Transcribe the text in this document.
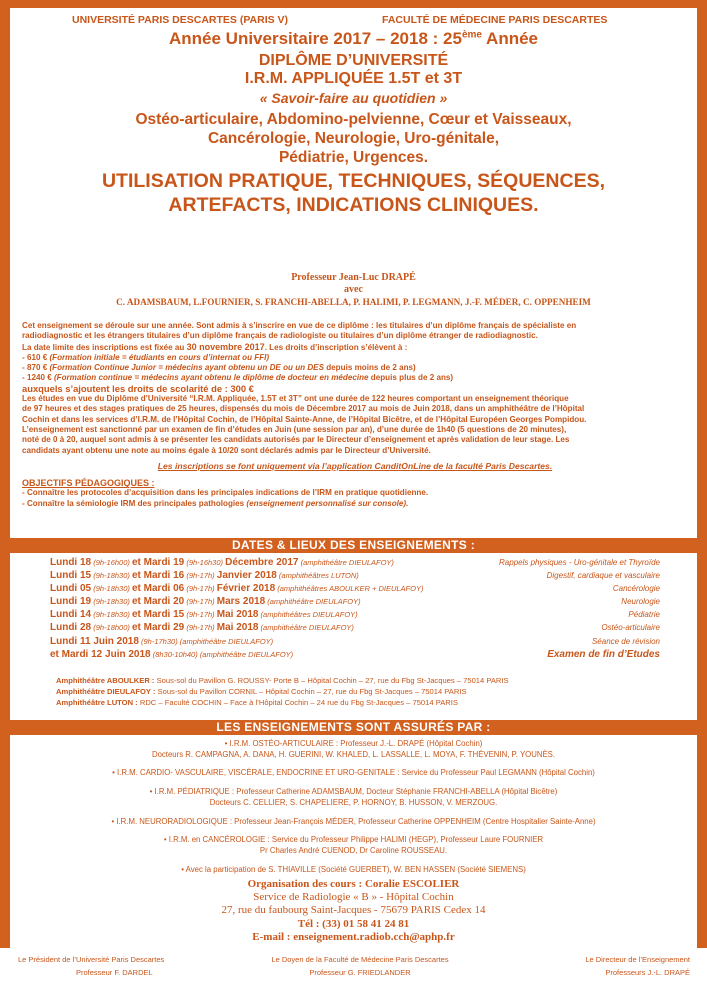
UNIVERSITÉ PARIS DESCARTES (PARIS V)	FACULTÉ DE MÉDECINE PARIS DESCARTES
Année Universitaire 2017 – 2018 : 25ème Année
DIPLÔME D’UNIVERSITÉ
I.R.M. APPLIQUÉE 1.5T et 3T
« Savoir-faire au quotidien »
Ostéo-articulaire, Abdomino-pelvienne, Cœur et Vaisseaux,
Cancérologie, Neurologie, Uro-génitale,
Pédiatrie, Urgences.
UTILISATION PRATIQUE, TECHNIQUES, SÉQUENCES,
ARTEFACTS, INDICATIONS CLINIQUES.
Professeur Jean-Luc DRAPÉ
avec
C. ADAMSBAUM, L.FOURNIER, S. FRANCHI-ABELLA, P. HALIMI, P. LEGMANN, J.-F. MÉDER, C. OPPENHEIM
Cet enseignement se déroule sur une année. Sont admis à s’inscrire en vue de ce diplôme : les titulaires d’un diplôme français de spécialiste en
radiodiagnostic et les étrangers titulaires d’un diplôme français de radiologiste ou titulaires d’un diplôme étranger de radiodiagnostic.
La date limite des inscriptions est fixée au 30 novembre 2017. Les droits d’inscription s’élèvent à :
- 610 € (Formation initiale = étudiants en cours d’internat ou FFI)
- 870 € (Formation Continue Junior = médecins ayant obtenu un DE ou un DES depuis moins de 2 ans)
- 1240 € (Formation continue = médecins ayant obtenu le diplôme de docteur en médecine depuis plus de 2 ans)
auxquels s’ajoutent les droits de scolarité de : 300 €
Les études en vue du Diplôme d’Université “I.R.M. Appliquée, 1.5T et 3T” ont une durée de 122 heures comportant un enseignement théorique
de 97 heures et des stages pratiques de 25 heures, dispensés du mois de Décembre 2017 au mois de Juin 2018, dans un amphithéâtre de l’Hôpital
Cochin et dans les services d’I.R.M. de l’Hôpital Cochin, de l’Hôpital Sainte-Anne, de l’Hôpital Bicêtre, et de l’Hôpital Européen Georges Pompidou.
L’enseignement est sanctionné par un examen de fin d’études en Juin (une session par an), d’une durée de 1h40 (5 questions de 20 minutes),
noté de 0 à 20, auquel sont admis à se présenter les candidats autorisés par le Directeur d’enseignement et après validation de leur stage. Les
candidats ayant obtenu une note au moins égale à 10/20 sont déclarés admis par le Directeur d’Université.
Les inscriptions se font uniquement via l’application CanditOnLine de la faculté Paris Descartes.
OBJECTIFS PÉDAGOGIQUES :
- Connaître les protocoles d’acquisition dans les principales indications de l’IRM en pratique quotidienne.
- Connaître la sémiologie IRM des principales pathologies (enseignement personnalisé sur console).
DATES & LIEUX DES ENSEIGNEMENTS :
Lundi 18 (9h-16h00) et Mardi 19 (9h-16h30) Décembre 2017 (amphithéâtre DIEULAFOY)	Rappels physiques - Uro-génitale et Thyroïde
Lundi 15 (9h-18h30) et Mardi 16 (9h-17h) Janvier 2018 (amphithéâtres LUTON)	Digestif, cardiaque et vasculaire
Lundi 05 (9h-18h30) et Mardi 06 (9h-17h) Février 2018 (amphithéâtres ABOULKER + DIEULAFOY)	Cancérologie
Lundi 19 (9h-18h30) et Mardi 20 (9h-17h) Mars 2018 (amphithéâtre DIEULAFOY)	Neurologie
Lundi 14 (9h-18h30) et Mardi 15 (9h-17h) Mai 2018 (amphithéâtres DIEULAFOY)	Pédiatrie
Lundi 28 (9h-18h00) et Mardi 29 (9h-17h) Mai 2018 (amphithéâtre DIEULAFOY)	Ostéo-articulaire
Lundi 11 Juin 2018 (9h-17h30) (amphithéâtre DIEULAFOY)	Séance de révision
et Mardi 12 Juin 2018 (8h30-10h40) (amphithéâtre DIEULAFOY)	Examen de fin d’Etudes
Amphithéâtre ABOULKER : Sous-sol du Pavillon G. ROUSSY- Porte B – Hôpital Cochin – 27, rue du Fbg St-Jacques – 75014 PARIS
Amphithéâtre DIEULAFOY : Sous-sol du Pavillon CORNIL – Hôpital Cochin – 27, rue du Fbg St-Jacques – 75014 PARIS
Amphithéâtre LUTON : RDC – Faculté COCHIN – Face à l’Hôpital Cochin – 24 rue du Fbg St-Jacques – 75014 PARIS
LES ENSEIGNEMENTS SONT ASSURÉS PAR :
• I.R.M. OSTÉO-ARTICULAIRE : Professeur J.-L. DRAPÉ (Hôpital Cochin)
Docteurs R. CAMPAGNA, A. DANA, H. GUERINI, W. KHALED, L. LASSALLE, L. MOYA, F. THÉVENIN, P. YOUNÈS.
• I.R.M. CARDIO- VASCULAIRE, VISCÉRALE, ENDOCRINE ET URO-GENITALE : Service du Professeur Paul LEGMANN (Hôpital Cochin)
• I.R.M. PÉDIATRIQUE : Professeur Catherine ADAMSBAUM, Docteur Stéphanie FRANCHI-ABELLA (Hôpital Bicêtre)
Docteurs C. CELLIER, S. CHAPELIERE, P. HORNOY, B. HUSSON, V. MERZOUG.
• I.R.M. NEURORADIOLOGIQUE : Professeur Jean-François MÉDER, Professeur Catherine OPPENHEIM (Centre Hospitalier Sainte-Anne)
• I.R.M. en CANCÉROLOGIE : Service du Professeur Philippe HALIMI (HEGP), Professeur Laure FOURNIER
Pr Charles André CUENOD, Dr Caroline ROUSSEAU.
• Avec la participation de S. THIAVILLE (Société GUERBET), W. BEN HASSEN (Société SIEMENS)
Organisation des cours : Coralie ESCOLIER
Service de Radiologie « B » - Hôpital Cochin
27, rue du faubourg Saint-Jacques - 75679 PARIS Cedex 14
Tél : (33) 01 58 41 24 81
E-mail : enseignement.radiob.cch@aphp.fr
Le Président de l’Université Paris Descartes
Professeur F. DARDEL
Le Doyen de la Faculté de Médecine Paris Descartes
Professeur G. FRIEDLANDER
Le Directeur de l’Enseignement
Professeurs J.-L. DRAPÉ
